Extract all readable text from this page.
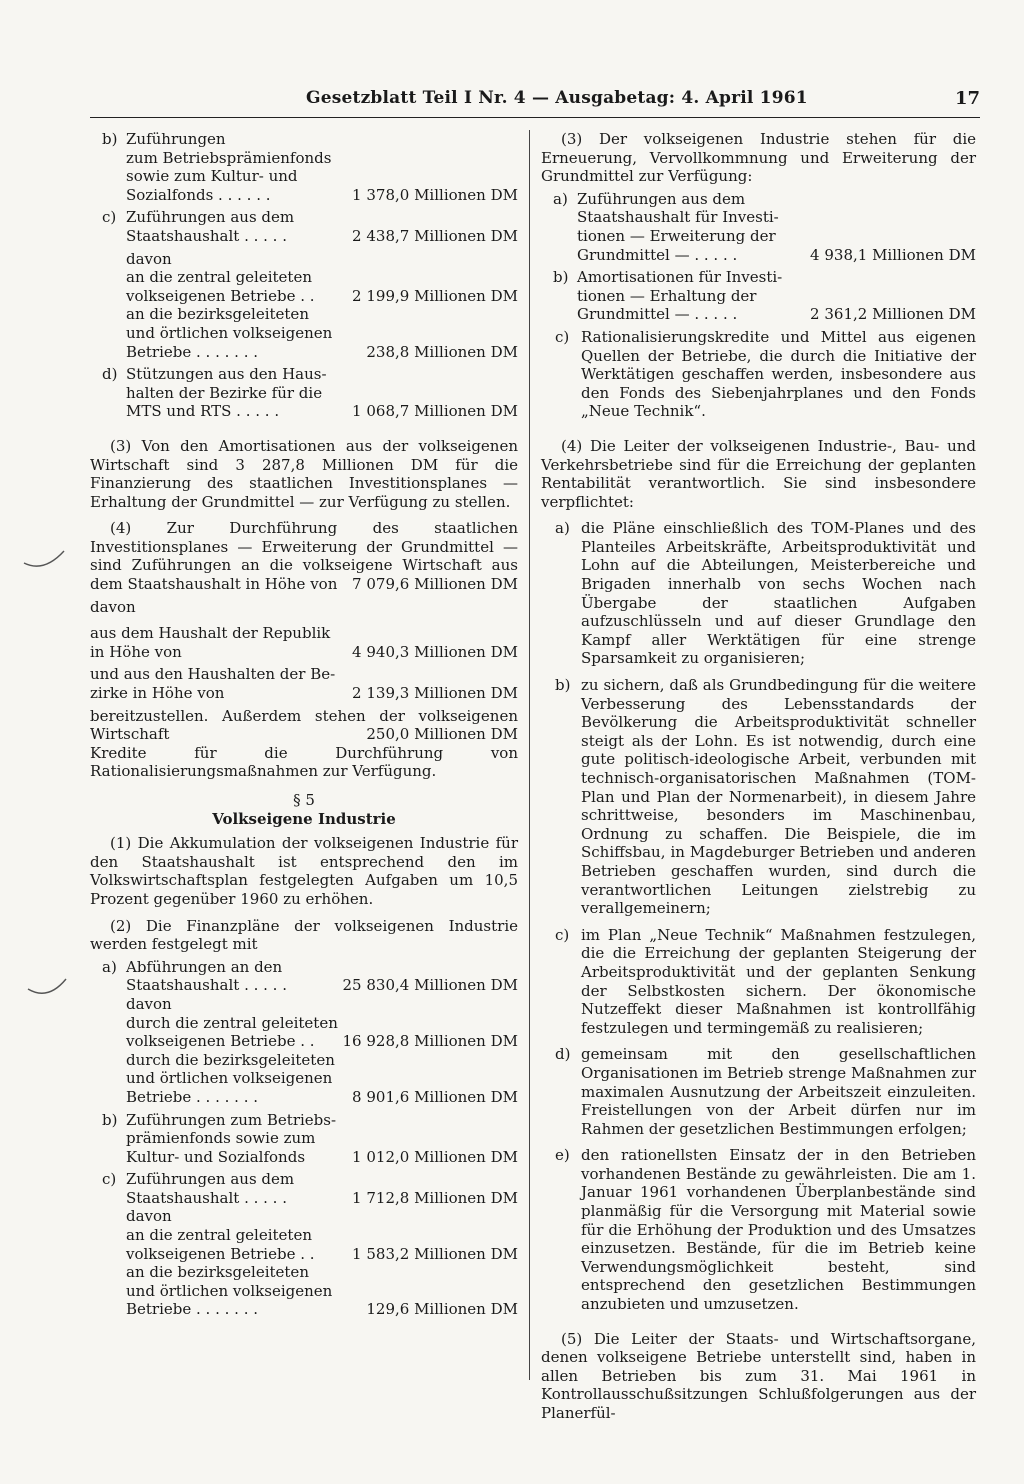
Gesetzblatt Teil I Nr. 4 — Ausgabetag: 4. April 1961	17
b) Zuführungen
zum Betriebsprämienfonds
sowie zum Kultur- und
Sozialfonds . . . . . .	1 378,0 Millionen DM
c) Zuführungen aus dem
Staatshaushalt . . . . .	2 438,7 Millionen DM
davon
an die zentral geleiteten
volkseigenen Betriebe . .	2 199,9 Millionen DM
an die bezirksgeleiteten
und örtlichen volkseigenen
Betriebe . . . . . . .	238,8 Millionen DM
d) Stützungen aus den Haus-
halten der Bezirke für die
MTS und RTS . . . . .	1 068,7 Millionen DM

(3) Von den Amortisationen aus der volkseigenen Wirtschaft sind 3 287,8 Millionen DM für die Finanzierung des staatlichen Investitionsplanes — Erhaltung der Grundmittel — zur Verfügung zu stellen.

(4) Zur Durchführung des staatlichen Investitionsplanes — Erweiterung der Grundmittel — sind Zuführungen an die volkseigene Wirtschaft aus dem Staatshaushalt in Höhe von 7 079,6 Millionen DM
davon
aus dem Haushalt der Republik
in Höhe von	4 940,3 Millionen DM
und aus den Haushalten der Be-
zirke in Höhe von	2 139,3 Millionen DM
bereitzustellen. Außerdem stehen der volkseigenen
Wirtschaft	250,0 Millionen DM

Kredite für die Durchführung von Rationalisierungsmaßnahmen zur Verfügung.

§ 5
Volkseigene Industrie

(1) Die Akkumulation der volkseigenen Industrie für den Staatshaushalt ist entsprechend den im Volkswirtschaftsplan festgelegten Aufgaben um 10,5 Prozent gegenüber 1960 zu erhöhen.

(2) Die Finanzpläne der volkseigenen Industrie werden festgelegt mit

a) Abführungen an den
Staatshaushalt . . . . .	25 830,4 Millionen DM
davon
durch die zentral geleiteten
volkseigenen Betriebe . . 16 928,8 Millionen DM
durch die bezirksgeleiteten
und örtlichen volkseigenen
Betriebe . . . . . . .	8 901,6 Millionen DM
b) Zuführungen zum Betriebs-
prämienfonds sowie zum
Kultur- und Sozialfonds	1 012,0 Millionen DM
c) Zuführungen aus dem
Staatshaushalt . . . . .	1 712,8 Millionen DM
davon
an die zentral geleiteten
volkseigenen Betriebe . .	1 583,2 Millionen DM
an die bezirksgeleiteten
und örtlichen volkseigenen
Betriebe . . . . . . .	129,6 Millionen DM

(3) Der volkseigenen Industrie stehen für die Erneuerung, Vervollkommnung und Erweiterung der Grundmittel zur Verfügung:

a) Zuführungen aus dem
Staatshaushalt für Investi-
tionen — Erweiterung der
Grundmittel — . . . . .	4 938,1 Millionen DM
b) Amortisationen für Investi-
tionen — Erhaltung der
Grundmittel — . . . . .	2 361,2 Millionen DM
c) Rationalisierungskredite und Mittel aus eigenen Quellen der Betriebe, die durch die Initiative der Werktätigen geschaffen werden, insbesondere aus den Fonds des Siebenjahrplanes und den Fonds „Neue Technik“.

(4) Die Leiter der volkseigenen Industrie-, Bau- und Verkehrsbetriebe sind für die Erreichung der geplanten Rentabilität verantwortlich. Sie sind insbesondere verpflichtet:

a) die Pläne einschließlich des TOM-Planes und des Planteiles Arbeitskräfte, Arbeitsproduktivität und Lohn auf die Abteilungen, Meisterbereiche und Brigaden innerhalb von sechs Wochen nach Übergabe der staatlichen Aufgaben aufzuschlüsseln und auf dieser Grundlage den Kampf aller Werktätigen für eine strenge Sparsamkeit zu organisieren;
b) zu sichern, daß als Grundbedingung für die weitere Verbesserung des Lebensstandards der Bevölkerung die Arbeitsproduktivität schneller steigt als der Lohn. Es ist notwendig, durch eine gute politisch-ideologische Arbeit, verbunden mit technisch-organisatorischen Maßnahmen (TOM-Plan und Plan der Normenarbeit), in diesem Jahre schrittweise, besonders im Maschinenbau, Ordnung zu schaffen. Die Beispiele, die im Schiffsbau, in Magdeburger Betrieben und anderen Betrieben geschaffen wurden, sind durch die verantwortlichen Leitungen zielstrebig zu verallgemeinern;
c) im Plan „Neue Technik“ Maßnahmen festzulegen, die die Erreichung der geplanten Steigerung der Arbeitsproduktivität und der geplanten Senkung der Selbstkosten sichern. Der ökonomische Nutzeffekt dieser Maßnahmen ist kontrollfähig festzulegen und termingemäß zu realisieren;
d) gemeinsam mit den gesellschaftlichen Organisationen im Betrieb strenge Maßnahmen zur maximalen Ausnutzung der Arbeitszeit einzuleiten. Freistellungen von der Arbeit dürfen nur im Rahmen der gesetzlichen Bestimmungen erfolgen;
e) den rationellsten Einsatz der in den Betrieben vorhandenen Bestände zu gewährleisten. Die am 1. Januar 1961 vorhandenen Überplanbestände sind planmäßig für die Versorgung mit Material sowie für die Erhöhung der Produktion und des Umsatzes einzusetzen. Bestände, für die im Betrieb keine Verwendungsmöglichkeit besteht, sind entsprechend den gesetzlichen Bestimmungen anzubieten und umzusetzen.

(5) Die Leiter der Staats- und Wirtschaftsorgane, denen volkseigene Betriebe unterstellt sind, haben in allen Betrieben bis zum 31. Mai 1961 in Kontrollausschußsitzungen Schlußfolgerungen aus der Planerfül-
